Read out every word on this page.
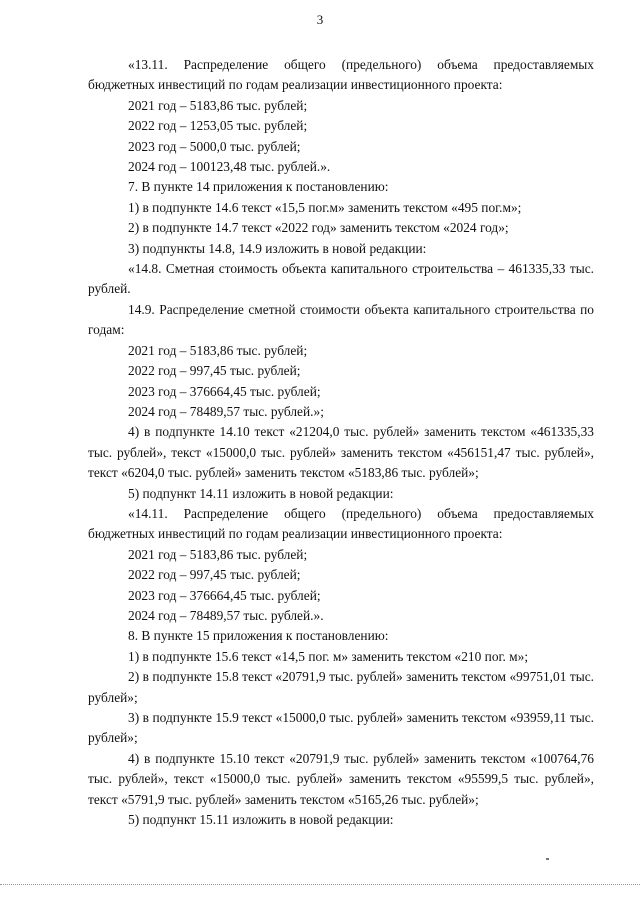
3

«13.11. Распределение общего (предельного) объема предоставляемых бюджетных инвестиций по годам реализации инвестиционного проекта:

2021 год – 5183,86 тыс. рублей;

2022 год – 1253,05 тыс. рублей;

2023 год – 5000,0 тыс. рублей;

2024 год – 100123,48 тыс. рублей.».

7. В пункте 14 приложения к постановлению:

1) в подпункте 14.6 текст «15,5 пог.м» заменить текстом «495 пог.м»;

2) в подпункте 14.7 текст «2022 год» заменить текстом «2024 год»;

3) подпункты 14.8, 14.9 изложить в новой редакции:

«14.8. Сметная стоимость объекта капитального строительства – 461335,33 тыс. рублей.

14.9. Распределение сметной стоимости объекта капитального строительства по годам:

2021 год – 5183,86 тыс. рублей;

2022 год – 997,45 тыс. рублей;

2023 год – 376664,45 тыс. рублей;

2024 год – 78489,57 тыс. рублей.»;

4) в подпункте 14.10 текст «21204,0 тыс. рублей» заменить текстом «461335,33 тыс. рублей», текст «15000,0 тыс. рублей» заменить текстом «456151,47 тыс. рублей», текст «6204,0 тыс. рублей» заменить текстом «5183,86 тыс. рублей»;

5) подпункт 14.11 изложить в новой редакции:

«14.11. Распределение общего (предельного) объема предоставляемых бюджетных инвестиций по годам реализации инвестиционного проекта:

2021 год – 5183,86 тыс. рублей;

2022 год – 997,45 тыс. рублей;

2023 год – 376664,45 тыс. рублей;

2024 год – 78489,57 тыс. рублей.».

8. В пункте 15 приложения к постановлению:

1) в подпункте 15.6 текст «14,5 пог. м» заменить текстом «210 пог. м»;

2) в подпункте 15.8 текст «20791,9 тыс. рублей» заменить текстом «99751,01 тыс. рублей»;

3) в подпункте 15.9 текст «15000,0 тыс. рублей» заменить текстом «93959,11 тыс. рублей»;

4) в подпункте 15.10 текст «20791,9 тыс. рублей» заменить текстом «100764,76 тыс. рублей», текст «15000,0 тыс. рублей» заменить текстом «95599,5 тыс. рублей», текст «5791,9 тыс. рублей» заменить текстом «5165,26 тыс. рублей»;

5) подпункт 15.11 изложить в новой редакции:
